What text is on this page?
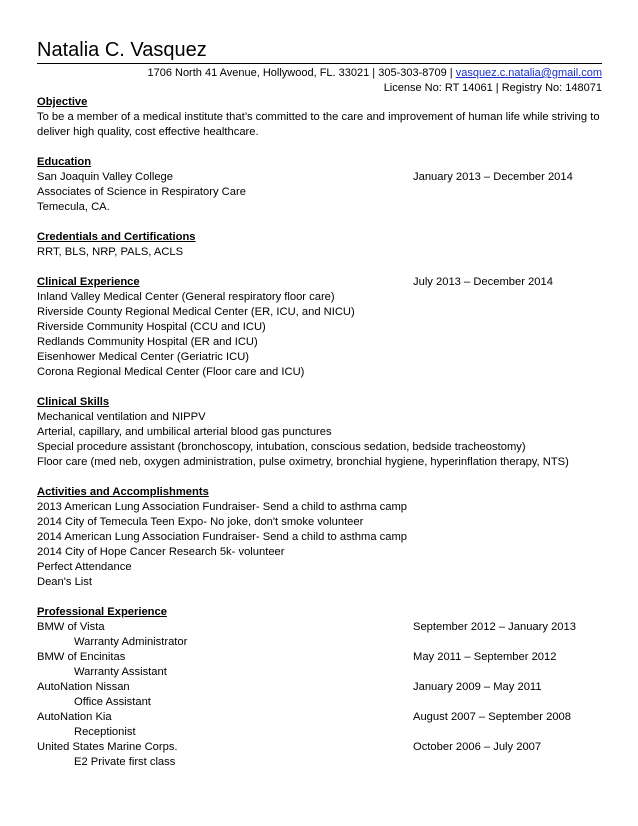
Natalia C. Vasquez
1706 North 41 Avenue, Hollywood, FL. 33021 | 305-303-8709 | vasquez.c.natalia@gmail.com
License No: RT 14061 | Registry No: 148071
Objective
To be a member of a medical institute that’s committed to the care and improvement of human life while striving to deliver high quality, cost effective healthcare.
Education
San Joaquin Valley College	January 2013 – December 2014
Associates of Science in Respiratory Care
Temecula, CA.
Credentials and Certifications
RRT, BLS, NRP, PALS, ACLS
Clinical Experience	July 2013 – December 2014
Inland Valley Medical Center (General respiratory floor care)
Riverside County Regional Medical Center (ER, ICU, and NICU)
Riverside Community Hospital (CCU and ICU)
Redlands Community Hospital (ER and ICU)
Eisenhower Medical Center (Geriatric ICU)
Corona Regional Medical Center (Floor care and ICU)
Clinical Skills
Mechanical ventilation and NIPPV
Arterial, capillary, and umbilical arterial blood gas punctures
Special procedure assistant (bronchoscopy, intubation, conscious sedation, bedside tracheostomy)
Floor care (med neb, oxygen administration, pulse oximetry, bronchial hygiene, hyperinflation therapy, NTS)
Activities and Accomplishments
2013 American Lung Association Fundraiser- Send a child to asthma camp
2014 City of Temecula Teen Expo- No joke, don't smoke volunteer
2014 American Lung Association Fundraiser- Send a child to asthma camp
2014 City of Hope Cancer Research 5k- volunteer
Perfect Attendance
Dean's List
Professional Experience
BMW of Vista	September 2012 – January 2013
Warranty Administrator
BMW of Encinitas	May 2011 – September 2012
Warranty Assistant
AutoNation Nissan	January 2009 – May 2011
Office Assistant
AutoNation Kia	August 2007 – September 2008
Receptionist
United States Marine Corps.	October 2006 – July 2007
E2 Private first class
